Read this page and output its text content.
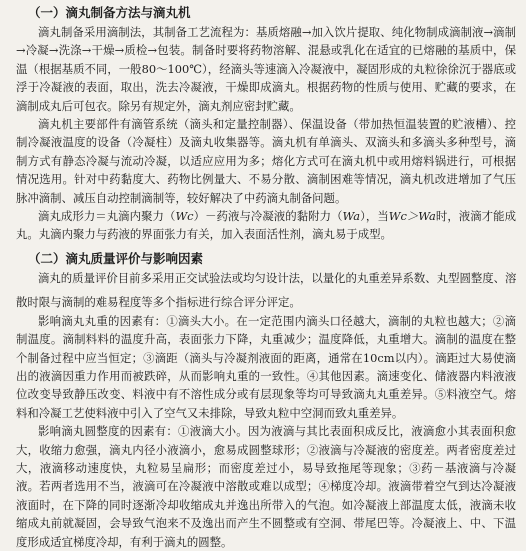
（一）滴丸制备方法与滴丸机

滴丸制备采用滴制法，其制备工艺流程为：基质熔融→加入饮片提取、纯化物制成滴制液→滴制→冷凝→洗涤→干燥→质检→包装。制备时要将药物溶解、混悬或乳化在适宜的已熔融的基质中，保温（根据基质不同，一般80～100℃），经滴头等速滴入冷凝液中，凝固形成的丸粒徐徐沉于器底或浮于冷凝液的表面，取出，洗去冷凝液，干燥即成滴丸。根据药物的性质与使用、贮藏的要求，在滴制成丸后可包衣。除另有规定外，滴丸剂应密封贮藏。

滴丸机主要部件有滴管系统（滴头和定量控制器）、保温设备（带加热恒温装置的贮液槽）、控制冷凝液温度的设备（冷凝柱）及滴丸收集器等。滴丸机有单滴头、双滴头和多滴头多种型号，滴制方式有静态冷凝与流动冷凝，以适应应用为多；熔化方式可在滴丸机中或用熔料锅进行，可根据情况选用。针对中药黏度大、药物比例量大、不易分散、滴制困难等情况，滴丸机改进增加了气压脉冲滴制、减压自动控制滴制等，较好解决了中药滴丸制备问题。

滴丸成形力＝丸滴内聚力（Wc）－药液与冷凝液的黏附力（Wa），当Wc＞Wa时，液滴才能成丸。丸滴内聚力与药液的界面张力有关，加入表面活性剂，滴丸易于成型。

（二）滴丸质量评价与影响因素

滴丸的质量评价目前多采用正交试验法或均匀设计法，以量化的丸重差异系数、丸型圆整度、溶

散时限与滴制的难易程度等多个指标进行综合评分评定。

影响滴丸丸重的因素有：①滴头大小。在一定范围内滴头口径越大，滴制的丸粒也越大；②滴制温度。滴制料料的温度升高，表面张力下降，丸重减少；温度降低，丸重增大。滴制的温度在整个制备过程中应当恒定；③滴距（滴头与冷凝剂液面的距离，通常在10cm以内）。滴距过大易使滴出的液滴因重力作用而被跌碎，从而影响丸重的一致性。④其他因素。滴速变化、储液器内料液液位改变导致静压改变、料液中有不溶性成分或有层现象等均可导致滴丸丸重差异。⑤料液空气。熔料和冷凝工艺使料液中引入了空气又未排除，导致丸粒中空洞而致丸重差异。

影响滴丸圆整度的因素有：①液滴大小。因为液滴与其比表面积成反比，液滴愈小其表面积愈大，收缩力愈强，滴丸内径小液滴小，愈易成圆整球形；②液滴与冷凝液的密度差。两者密度差过大，液滴移动速度快，丸粒易呈扁形；而密度差过小，易导致拖尾等现象；③药－基液滴与冷凝液。若两者选用不当，液滴可在冷凝液中溶散或难以成型；④梯度冷却。液滴带着空气到达冷凝液液面时，在下降的同时逐渐冷却收缩成丸并逸出所带入的气泡。如冷凝液上部温度太低，液滴未收缩成丸前就凝固，会导致气泡来不及逸出而产生不圆整或有空洞、带尾巴等。冷凝液上、中、下温度形成适宜梯度冷却，有利于滴丸的圆整。
